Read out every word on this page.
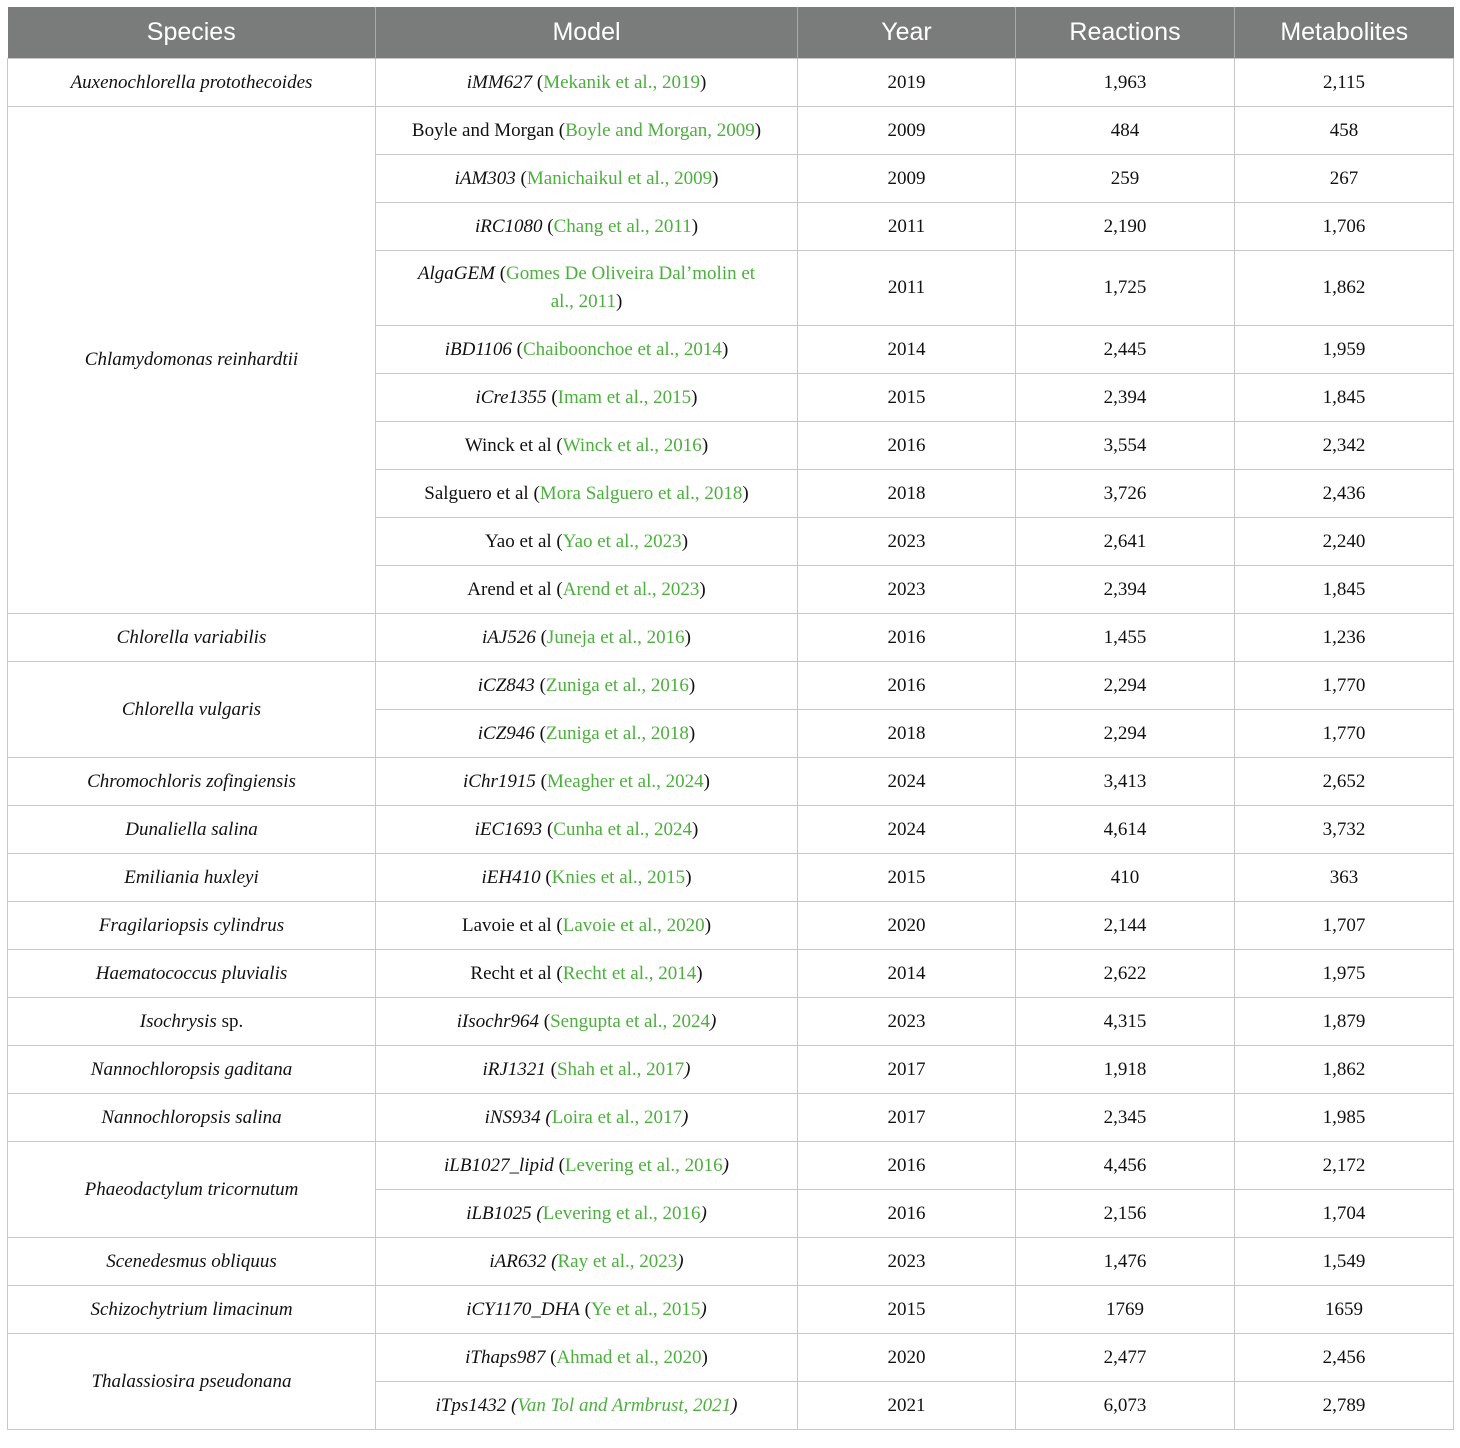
Species	Model	Year	Reactions	Metabolites
Auxenochlorella protothecoides	iMM627 (Mekanik et al., 2019)	2019	1,963	2,115
Chlamydomonas reinhardtii	Boyle and Morgan (Boyle and Morgan, 2009)	2009	484	458
	iAM303 (Manichaikul et al., 2009)	2009	259	267
	iRC1080 (Chang et al., 2011)	2011	2,190	1,706
	AlgaGEM (Gomes De Oliveira Dal’molin et al., 2011)	2011	1,725	1,862
	iBD1106 (Chaiboonchoe et al., 2014)	2014	2,445	1,959
	iCre1355 (Imam et al., 2015)	2015	2,394	1,845
	Winck et al (Winck et al., 2016)	2016	3,554	2,342
	Salguero et al (Mora Salguero et al., 2018)	2018	3,726	2,436
	Yao et al (Yao et al., 2023)	2023	2,641	2,240
	Arend et al (Arend et al., 2023)	2023	2,394	1,845
Chlorella variabilis	iAJ526 (Juneja et al., 2016)	2016	1,455	1,236
Chlorella vulgaris	iCZ843 (Zuniga et al., 2016)	2016	2,294	1,770
	iCZ946 (Zuniga et al., 2018)	2018	2,294	1,770
Chromochloris zofingiensis	iChr1915 (Meagher et al., 2024)	2024	3,413	2,652
Dunaliella salina	iEC1693 (Cunha et al., 2024)	2024	4,614	3,732
Emiliania huxleyi	iEH410 (Knies et al., 2015)	2015	410	363
Fragilariopsis cylindrus	Lavoie et al (Lavoie et al., 2020)	2020	2,144	1,707
Haematococcus pluvialis	Recht et al (Recht et al., 2014)	2014	2,622	1,975
Isochrysis sp.	iIsochr964 (Sengupta et al., 2024)	2023	4,315	1,879
Nannochloropsis gaditana	iRJ1321 (Shah et al., 2017)	2017	1,918	1,862
Nannochloropsis salina	iNS934 (Loira et al., 2017)	2017	2,345	1,985
Phaeodactylum tricornutum	iLB1027_lipid (Levering et al., 2016)	2016	4,456	2,172
	iLB1025 (Levering et al., 2016)	2016	2,156	1,704
Scenedesmus obliquus	iAR632 (Ray et al., 2023)	2023	1,476	1,549
Schizochytrium limacinum	iCY1170_DHA (Ye et al., 2015)	2015	1769	1659
Thalassiosira pseudonana	iThaps987 (Ahmad et al., 2020)	2020	2,477	2,456
	iTps1432 (Van Tol and Armbrust, 2021)	2021	6,073	2,789
